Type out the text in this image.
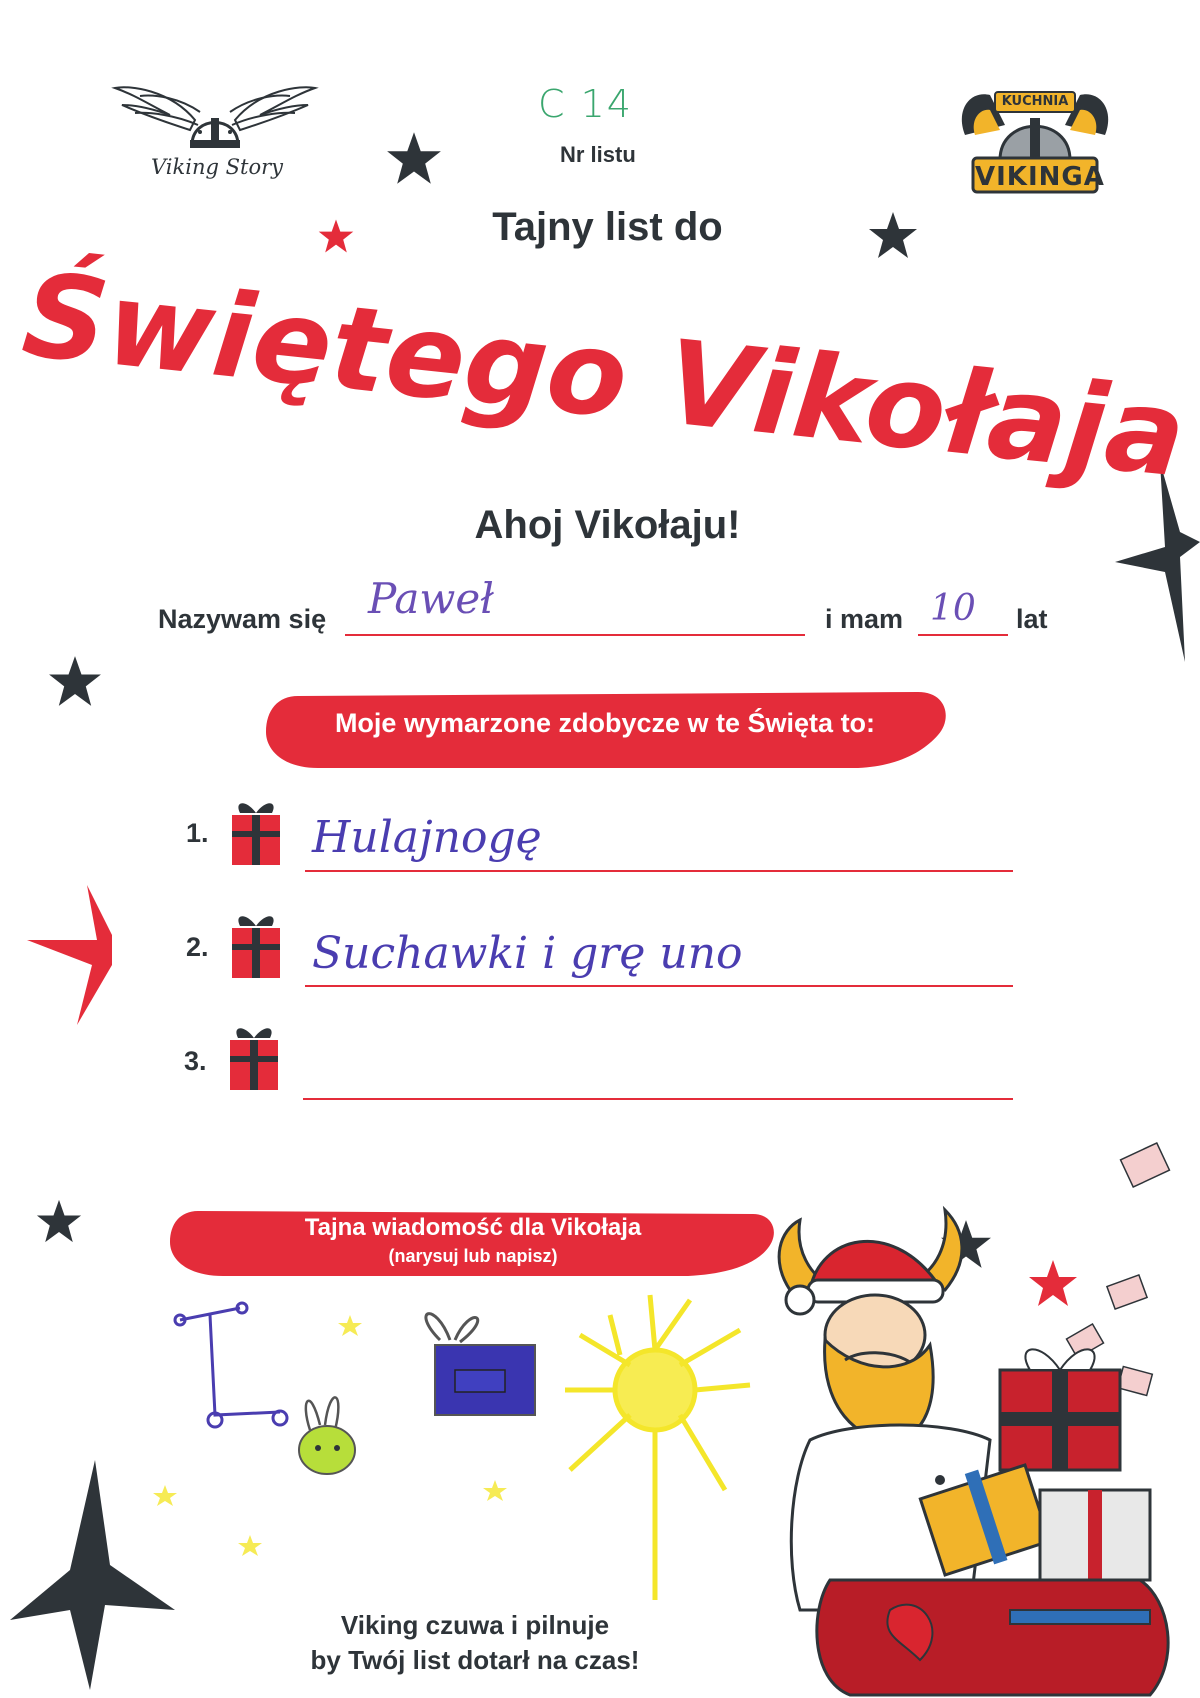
Viking Story
KUCHNIA
VIKINGA
C 14
Nr listu
Tajny list do
Świętego Vikołaja
Ahoj Vikołaju!
Nazywam się Paweł	i mam 10 lat
Moje wymarzone zdobycze w te Święta to:
1. Hulajnogę
2. Suchawki i grę uno
3.
Tajna wiadomość dla Vikołaja
(narysuj lub napisz)
Viking czuwa i pilnuje
by Twój list dotarł na czas!
